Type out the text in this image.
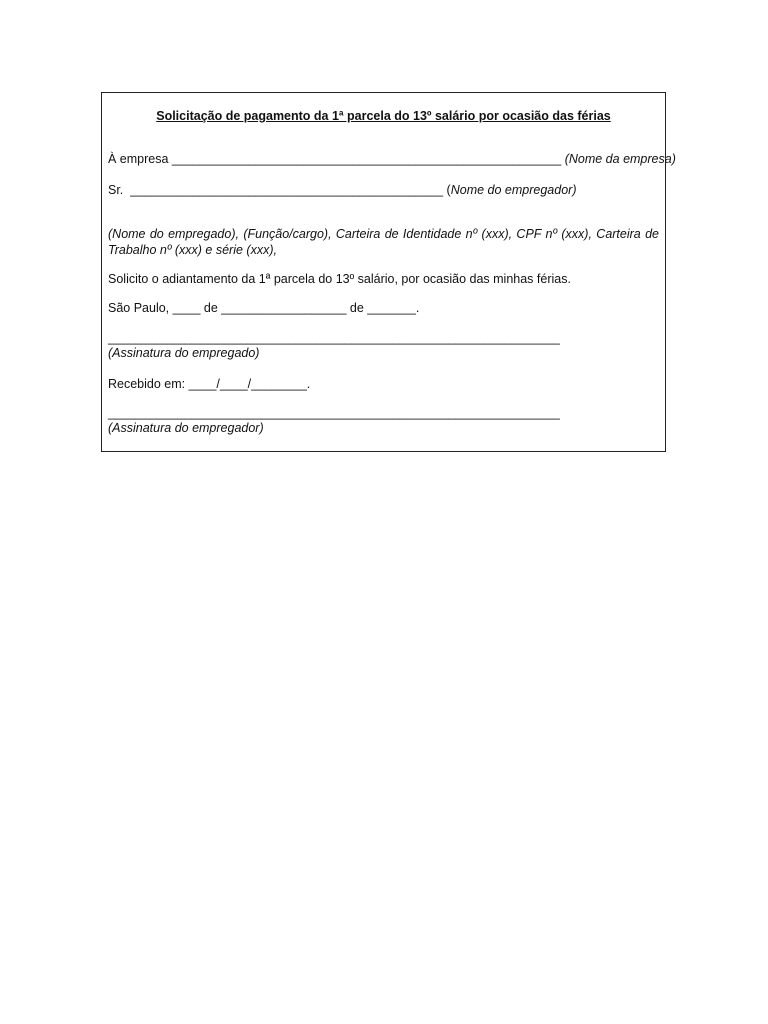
Solicitação de pagamento da 1ª parcela do 13º salário por ocasião das férias
À empresa ________________________________________________________ (Nome da empresa)
Sr.  _____________________________________________ (Nome do empregador)
(Nome do empregado), (Função/cargo), Carteira de Identidade nº (xxx), CPF nº (xxx), Carteira de Trabalho nº (xxx) e série (xxx),
Solicito o adiantamento da 1ª parcela do 13º salário, por ocasião das minhas férias.
São Paulo, ____ de __________________ de _______.
_________________________________________________________________
(Assinatura do empregado)
Recebido em: ____/____/________.
_________________________________________________________________
(Assinatura do empregador)
